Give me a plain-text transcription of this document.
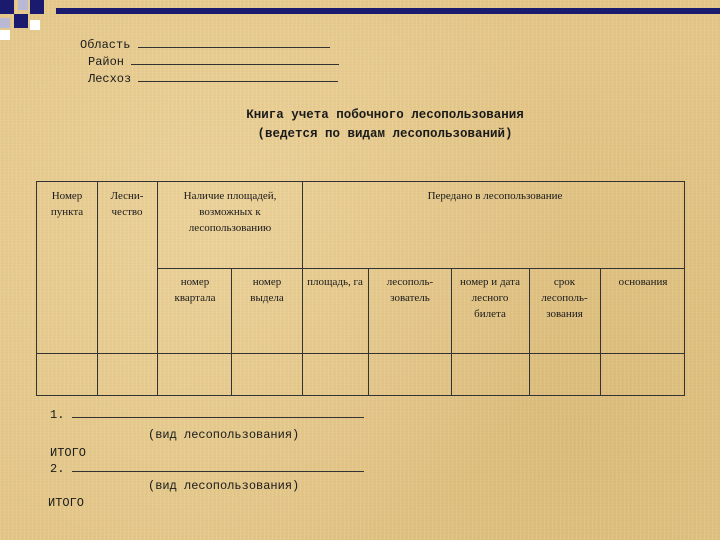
Область
Район
Лесхоз
Книга учета побочного лесопользования
(ведется по видам лесопользований)
Номер пункта
Лесни-чество
Наличие площадей, возможных к лесопользованию
Передано в лесопользование
номер квартала
номер выдела
площадь, га	лесополь-зователь
номер и дата лесного билета
срок лесополь-зования
основания
1.
(вид лесопользования)
ИТОГО
2.
(вид лесопользования)
ИТОГО
